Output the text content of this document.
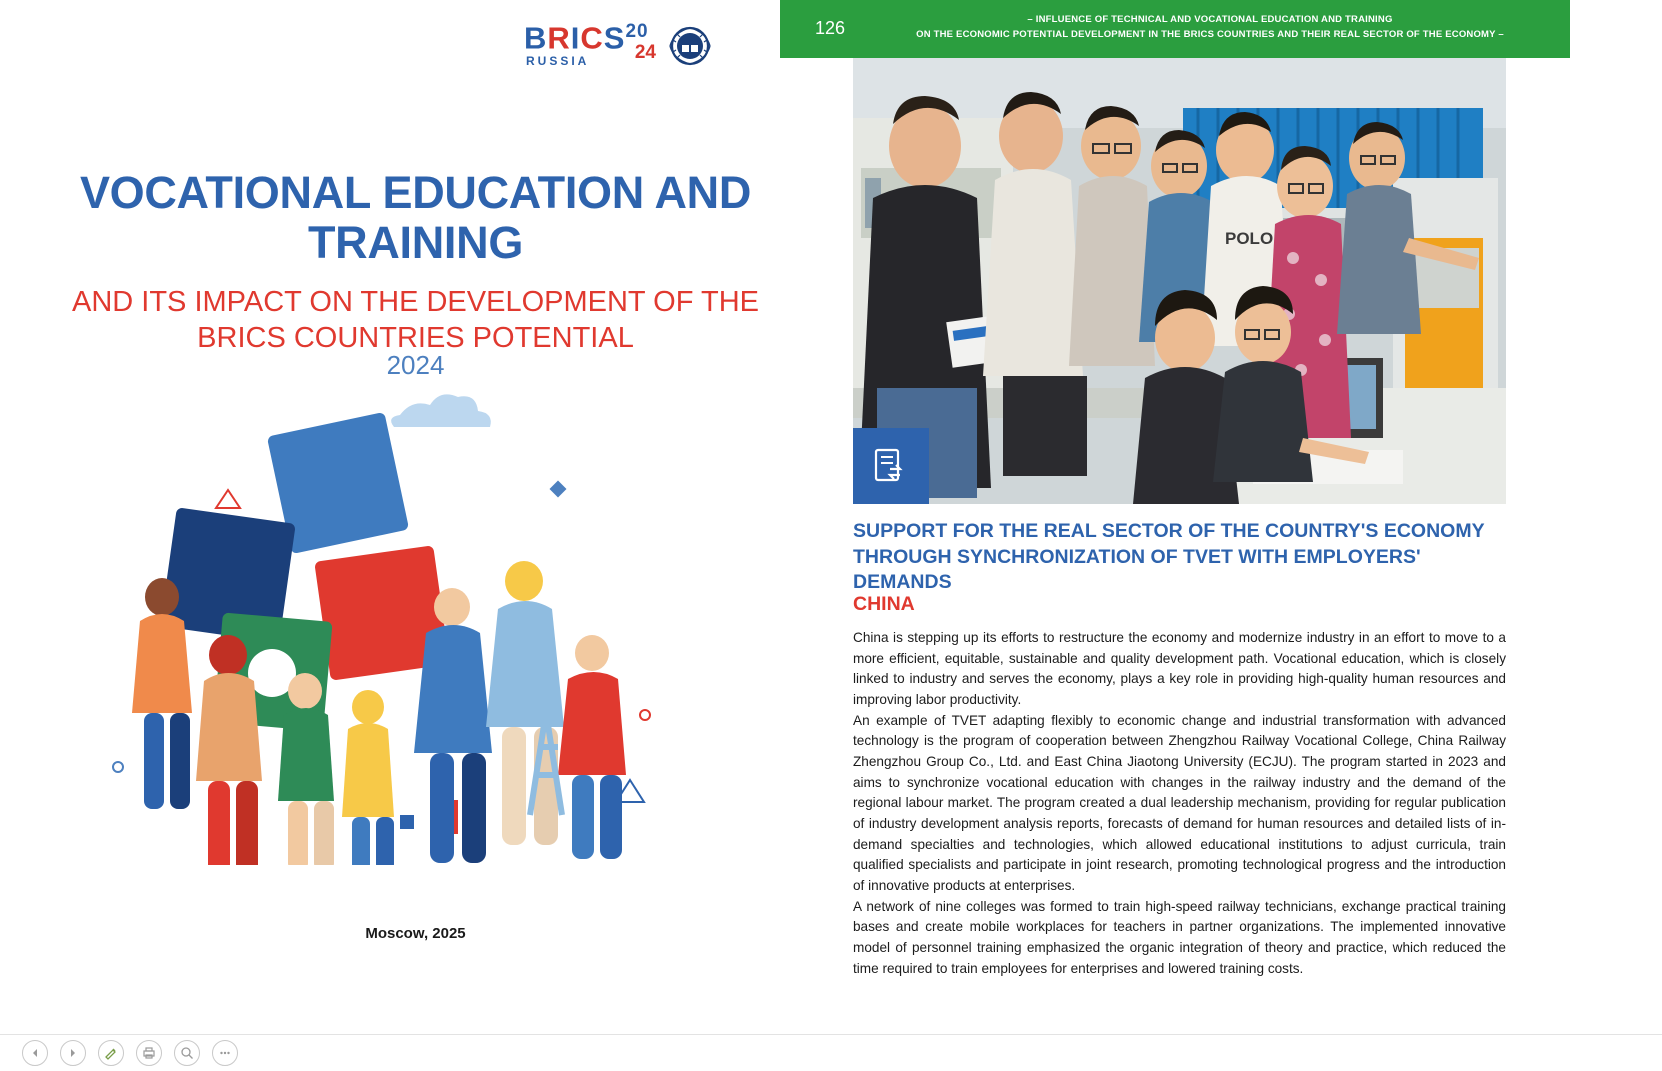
BRICS$^{20}$
24
RUSSIA
VOCATIONAL EDUCATION AND TRAINING
AND ITS IMPACT ON THE DEVELOPMENT OF THE BRICS COUNTRIES POTENTIAL
2024
Moscow, 2025
126	– INFLUENCE OF TECHNICAL AND VOCATIONAL EDUCATION AND TRAINING
ON THE ECONOMIC POTENTIAL DEVELOPMENT IN THE BRICS COUNTRIES AND THEIR REAL SECTOR OF THE ECONOMY –
POLO
SUPPORT FOR THE REAL SECTOR OF THE COUNTRY'S ECONOMY THROUGH SYNCHRONIZATION OF TVET WITH EMPLOYERS' DEMANDS
CHINA

China is stepping up its efforts to restructure the economy and modernize industry in an effort to move to a more efficient, equitable, sustainable and quality development path. Vocational education, which is closely linked to industry and serves the economy, plays a key role in providing high-quality human resources and improving labor productivity.

An example of TVET adapting flexibly to economic change and industrial transformation with advanced technology is the program of cooperation between Zhengzhou Railway Vocational College, China Railway Zhengzhou Group Co., Ltd. and East China Jiaotong University (ECJU). The program started in 2023 and aims to synchronize vocational education with changes in the railway industry and the demand of the regional labour market. The program created a dual leadership mechanism, providing for regular publication of industry development analysis reports, forecasts of demand for human resources and detailed lists of in-demand specialties and technologies, which allowed educational institutions to adjust curricula, train qualified specialists and participate in joint research, promoting technological progress and the introduction of innovative products at enterprises.

A network of nine colleges was formed to train high-speed railway technicians, exchange practical training bases and create mobile workplaces for teachers in partner organizations. The implemented innovative model of personnel training emphasized the organic integration of theory and practice, which reduced the time required to train employees for enterprises and lowered training costs.
